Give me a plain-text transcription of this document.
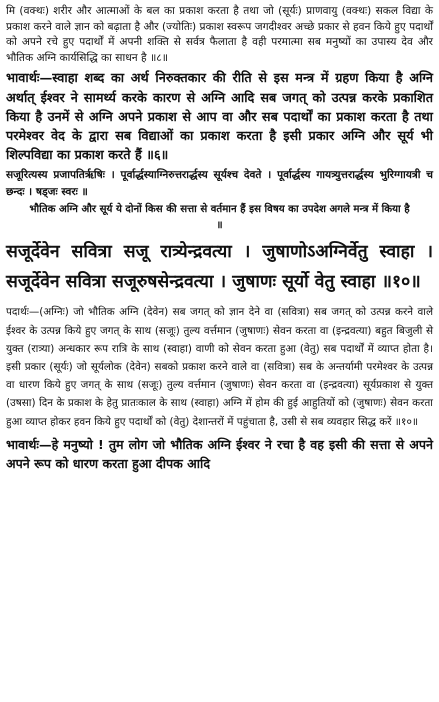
मि (वक्थः) शरीर और आत्माओं के बल का प्रकाश करता है तथा जो (सूर्यः) प्राणवायु (वक्थः) सकल विद्या के प्रकाश करने वाले ज्ञान को बढ़ाता है और (ज्योतिः) प्रकाश स्वरूप जगदीश्वर अच्छे प्रकार से हवन किये हुए पदार्थों को अपने रचे हुए पदार्थों में अपनी शक्ति से सर्वत्र फैलाता है वही परमात्मा सब मनुष्यों का उपास्य देव और भौतिक अग्नि कार्यसिद्धि का साधन है ॥८॥

भावार्थः—स्वाहा शब्द का अर्थ निरुक्तकार की रीति से इस मन्त्र में ग्रहण किया है अग्नि अर्थात् ईश्वर ने सामर्थ्य करके कारण से अग्नि आदि सब जगत् को उत्पन्न करके प्रकाशित किया है उनमें से अग्नि अपने प्रकाश से आप वा और सब पदार्थों का प्रकाश करता है तथा परमेश्वर वेद के द्वारा सब विद्याओं का प्रकाश करता है इसी प्रकार अग्नि और सूर्य भी शिल्पविद्या का प्रकाश करते हैं ॥६॥

सजूरित्यस्य प्रजापतिर्ऋषिः । पूर्वार्द्धस्याग्निरुत्तरार्द्धस्य सूर्यश्च देवते । पूर्वार्द्धस्य गायत्र्युत्तरार्द्धस्य भुरिग्गायत्री च छन्दः । षड्जः स्वरः ॥

भौतिक अग्नि और सूर्य ये दोनों किस की सत्ता से वर्तमान हैं इस विषय का उपदेश अगले मन्त्र में किया है ॥

सजूर्देवेन सवित्रा सजू रात्र्येन्द्रवत्या । जुषाणोऽअग्निर्वेतु स्वाहा । सजूर्देवेन सवित्रा सजूरुषसेन्द्रवत्या । जुषाणः सूर्यो वेतु स्वाहा ॥१०॥

पदार्थः—(अग्निः) जो भौतिक अग्नि (देवेन) सब जगत् को ज्ञान देने वा (सवित्रा) सब जगत् को उत्पन्न करने वाले ईश्वर के उत्पन्न किये हुए जगत् के साथ (सजूः) तुल्य वर्त्तमान (जुषाणः) सेवन करता वा (इन्द्रवत्या) बहुत बिजुली से युक्त (रात्र्या) अन्धकार रूप रात्रि के साथ (स्वाहा) वाणी को सेवन करता हुआ (वेतु) सब पदार्थों में व्याप्त होता है। इसी प्रकार (सूर्यः) जो सूर्यलोक (देवेन) सबको प्रकाश करने वाले वा (सवित्रा) सब के अन्तर्यामी परमेश्वर के उत्पन्न वा धारण किये हुए जगत् के साथ (सजूः) तुल्य वर्त्तमान (जुषाणः) सेवन करता वा (इन्द्रवत्या) सूर्यप्रकाश से युक्त (उषसा) दिन के प्रकाश के हेतु प्रातःकाल के साथ (स्वाहा) अग्नि में होम की हुई आहुतियों को (जुषाणः) सेवन करता हुआ व्याप्त होकर हवन किये हुए पदार्थों को (वेतु) देशान्तरों में पहुंचाता है, उसी से सब व्यवहार सिद्ध करें ॥१०॥

भावार्थः—हे मनुष्यो ! तुम लोग जो भौतिक अग्नि ईश्वर ने रचा है वह इसी की सत्ता से अपने अपने रूप को धारण करता हुआ दीपक आदि
